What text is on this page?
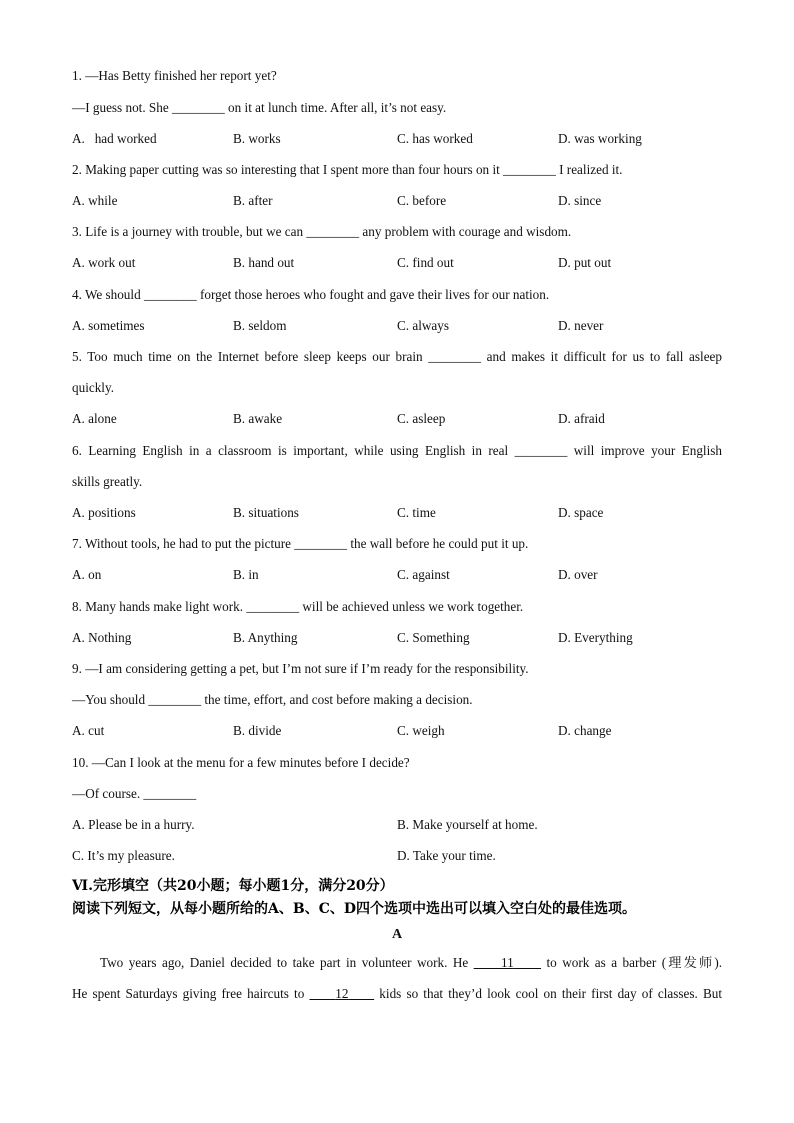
1. —Has Betty finished her report yet?
—I guess not. She ________ on it at lunch time. After all, it’s not easy.
A.   had worked	B. works	C. has worked	D. was working
2. Making paper cutting was so interesting that I spent more than four hours on it ________ I realized it.
A. while	B. after	C. before	D. since
3. Life is a journey with trouble, but we can ________ any problem with courage and wisdom.
A. work out	B. hand out	C. find out	D. put out
4. We should ________ forget those heroes who fought and gave their lives for our nation.
A. sometimes	B. seldom	C. always	D. never
5. Too much time on the Internet before sleep keeps our brain ________ and makes it difficult for us to fall asleep
quickly.
A. alone	B. awake	C. asleep	D. afraid
6. Learning English in a classroom is important, while using English in real ________ will improve your English
skills greatly.
A. positions	B. situations	C. time	D. space
7. Without tools, he had to put the picture ________ the wall before he could put it up.
A. on	B. in	C. against	D. over
8. Many hands make light work. ________ will be achieved unless we work together.
A. Nothing	B. Anything	C. Something	D. Everything
9. —I am considering getting a pet, but I’m not sure if I’m ready for the responsibility.
—You should ________ the time, effort, and cost before making a decision.
A. cut	B. divide	C. weigh	D. change
10. —Can I look at the menu for a few minutes before I decide?
—Of course. ________
A. Please be in a hurry.	B. Make yourself at home.
C. It’s my pleasure.	D. Take your time.
Ⅵ.完形填空（共20小题；每小题1分，满分20分）
阅读下列短文，从每小题所给的A、B、C、D四个选项中选出可以填入空白处的最佳选项。
A
Two years ago, Daniel decided to take part in volunteer work. He ​     11      to work as a barber (理发师).
He spent Saturdays giving free haircuts to ​     12      kids so that they’d look cool on their first day of classes. But
